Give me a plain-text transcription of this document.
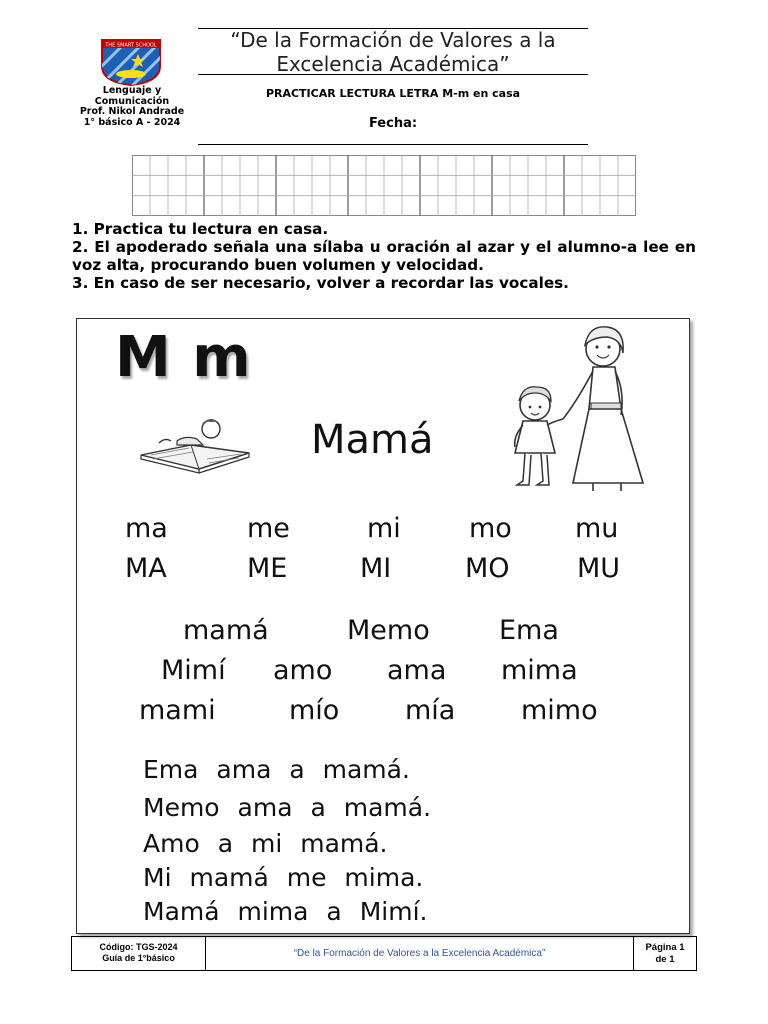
THE SMART SCHOOL
Lenguaje y
Comunicación
Prof. Nikol Andrade
1° básico A - 2024
“De la Formación de Valores a la
Excelencia Académica”
PRACTICAR LECTURA LETRA M-m en casa
Fecha:

1. Practica tu lectura en casa.

2. El apoderado señala una sílaba u oración al azar y el alumno-a lee en voz alta, procurando buen volumen y velocidad.

3. En caso de ser necesario, volver a recordar las vocales.

M m
Mamá
ma	me	mi	mo mu
MA	ME	MI	MO MU
mamá	Memo	Ema
Mimí amo ama mima
mami	mío mía mimo
Ema ama a mamá.
Memo ama a mamá.
Amo a mi mamá.
Mi mamá me mima.
Mamá mima a Mimí.
Código: TGS-2024
Guía de 1°básico	“De la Formación de Valores a la Excelencia Académica”
Página 1
de 1
